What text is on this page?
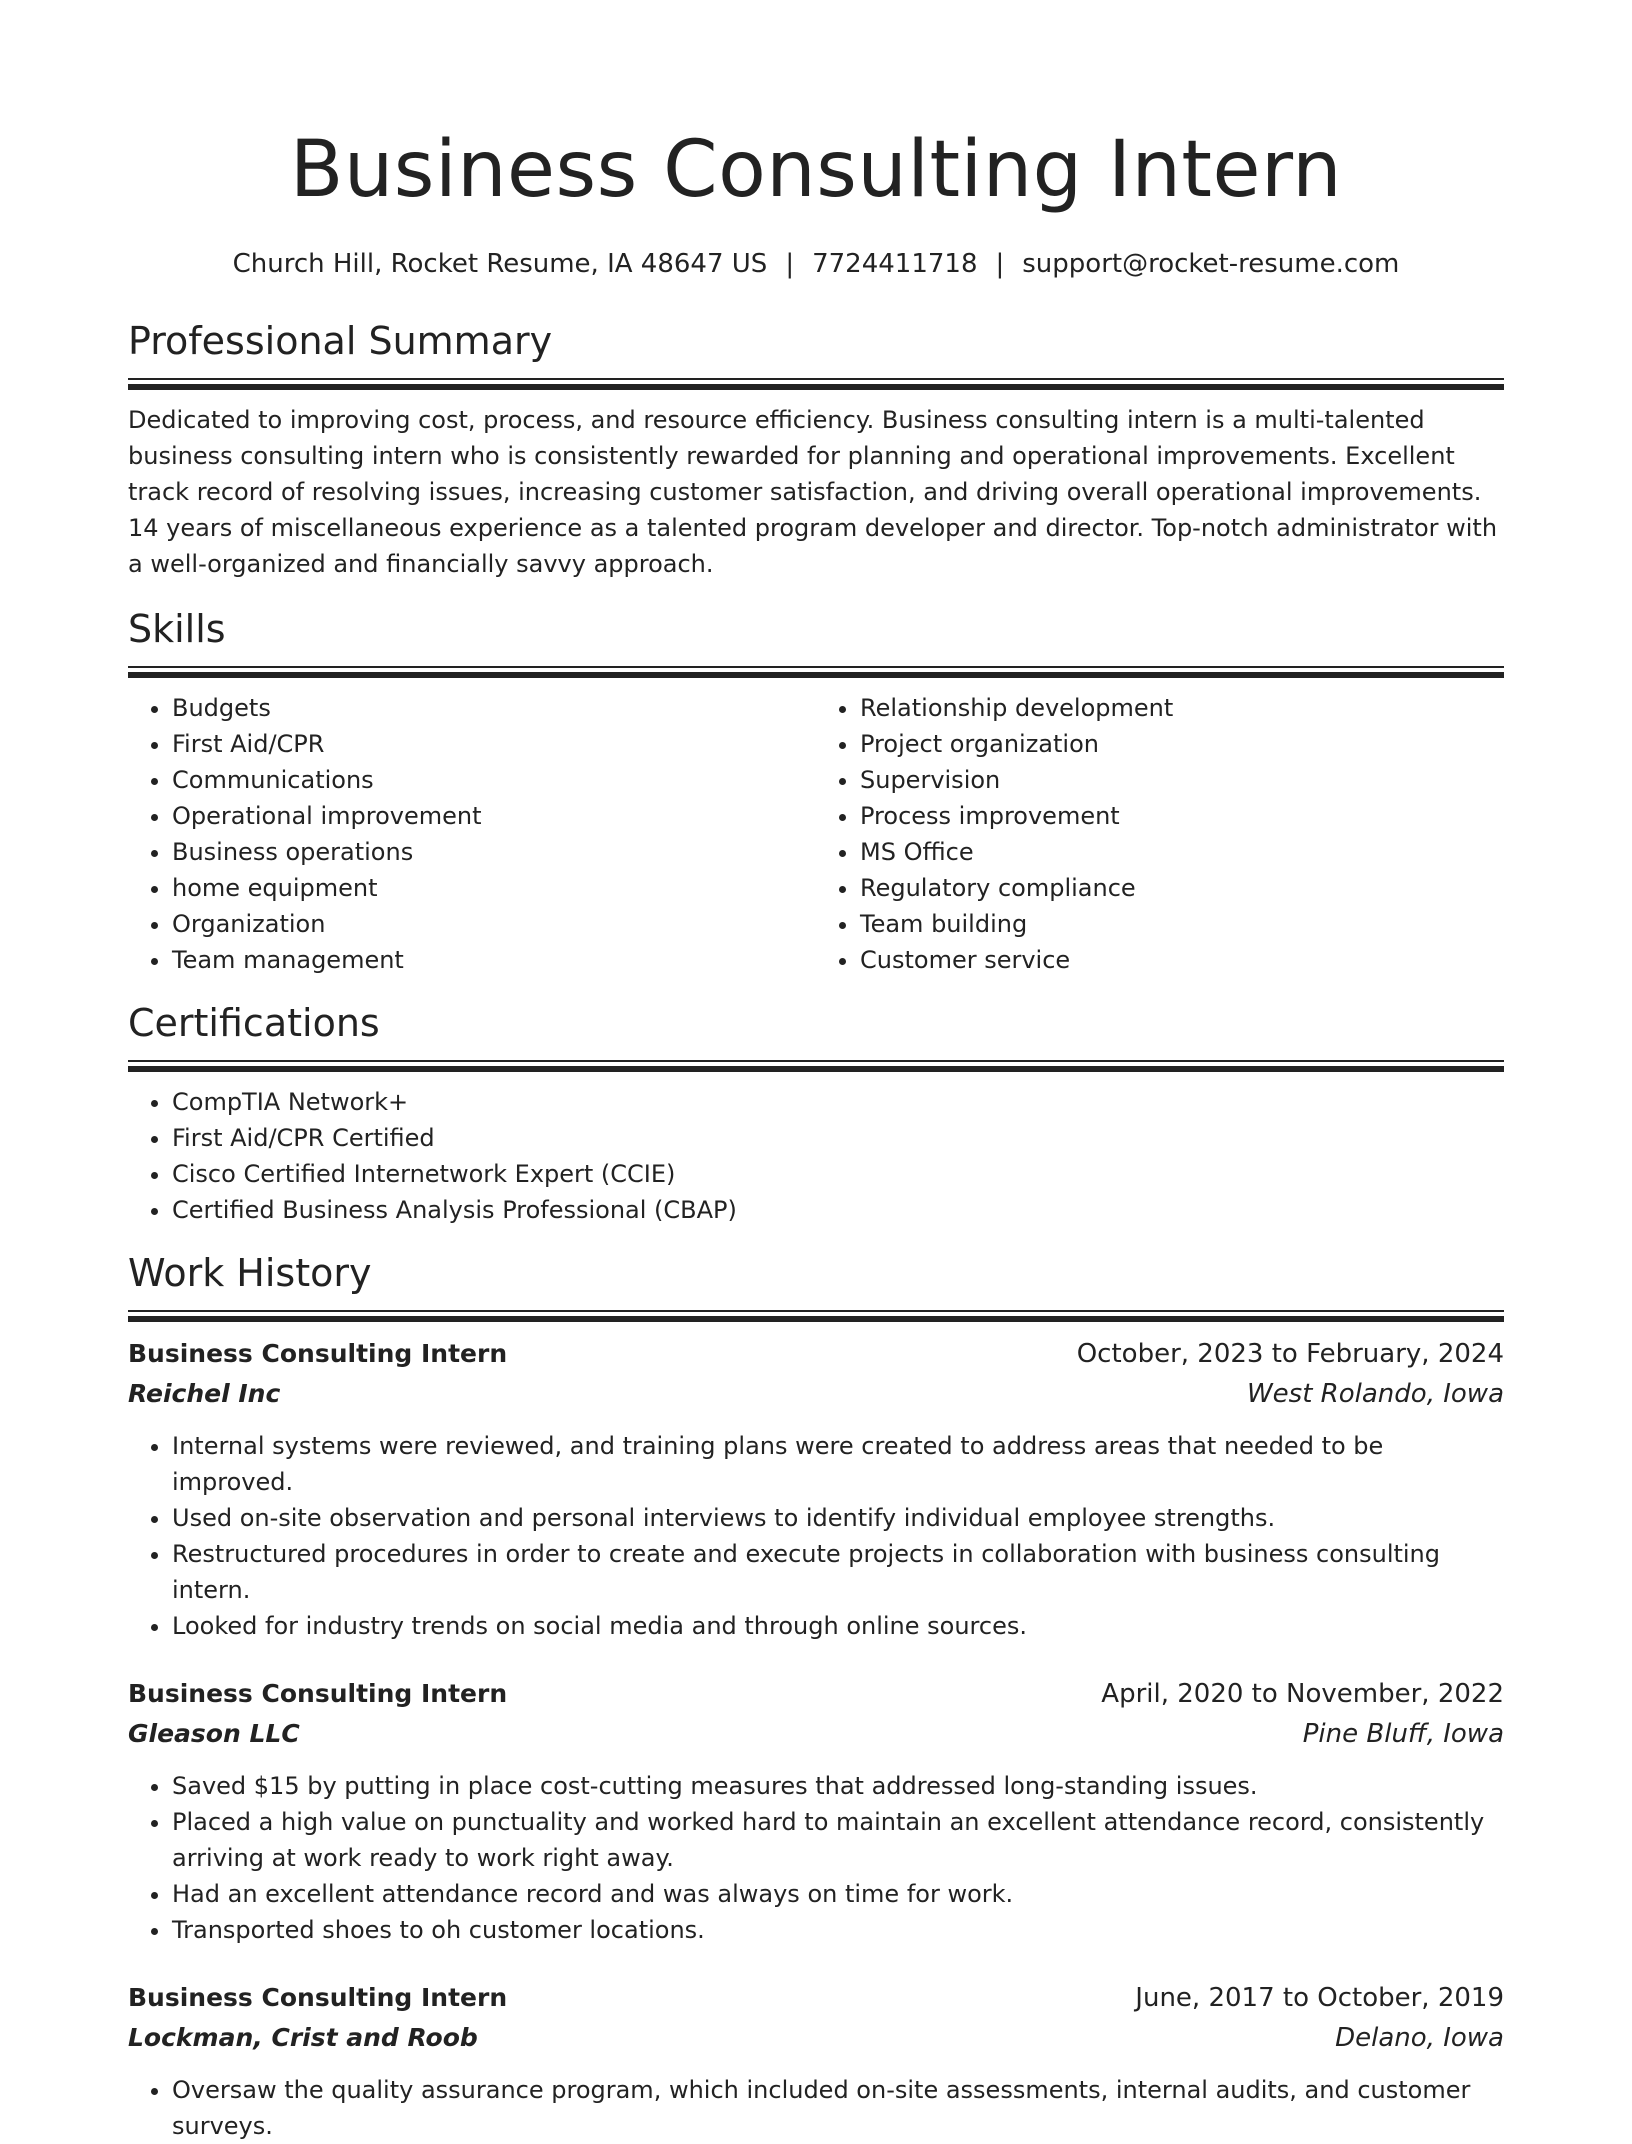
Business Consulting Intern
Church Hill, Rocket Resume, IA 48647 US | 7724411718 | support@rocket-resume.com
Professional Summary

Dedicated to improving cost, process, and resource efficiency. Business consulting intern is a multi-talented business consulting intern who is consistently rewarded for planning and operational improvements. Excellent track record of resolving issues, increasing customer satisfaction, and driving overall operational improvements. 14 years of miscellaneous experience as a talented program developer and director. Top-notch administrator with a well-organized and financially savvy approach.

Skills
• Budgets
• First Aid/CPR
• Communications
• Operational improvement
• Business operations
• home equipment
• Organization
• Team management
• Relationship development
• Project organization
• Supervision
• Process improvement
• MS Office
• Regulatory compliance
• Team building
• Customer service
Certifications
• CompTIA Network+
• First Aid/CPR Certified
• Cisco Certified Internetwork Expert (CCIE)
• Certified Business Analysis Professional (CBAP)
Work History
Business Consulting Intern	October, 2023 to February, 2024
Reichel Inc	West Rolando, Iowa
• Internal systems were reviewed, and training plans were created to address areas that needed to be improved.
• Used on-site observation and personal interviews to identify individual employee strengths.
• Restructured procedures in order to create and execute projects in collaboration with business consulting intern.
• Looked for industry trends on social media and through online sources.
Business Consulting Intern	April, 2020 to November, 2022
Gleason LLC	Pine Bluff, Iowa
• Saved $15 by putting in place cost-cutting measures that addressed long-standing issues.
• Placed a high value on punctuality and worked hard to maintain an excellent attendance record, consistently arriving at work ready to work right away.
• Had an excellent attendance record and was always on time for work.
• Transported shoes to oh customer locations.
Business Consulting Intern	June, 2017 to October, 2019
Lockman, Crist and Roob	Delano, Iowa
• Oversaw the quality assurance program, which included on-site assessments, internal audits, and customer surveys.
